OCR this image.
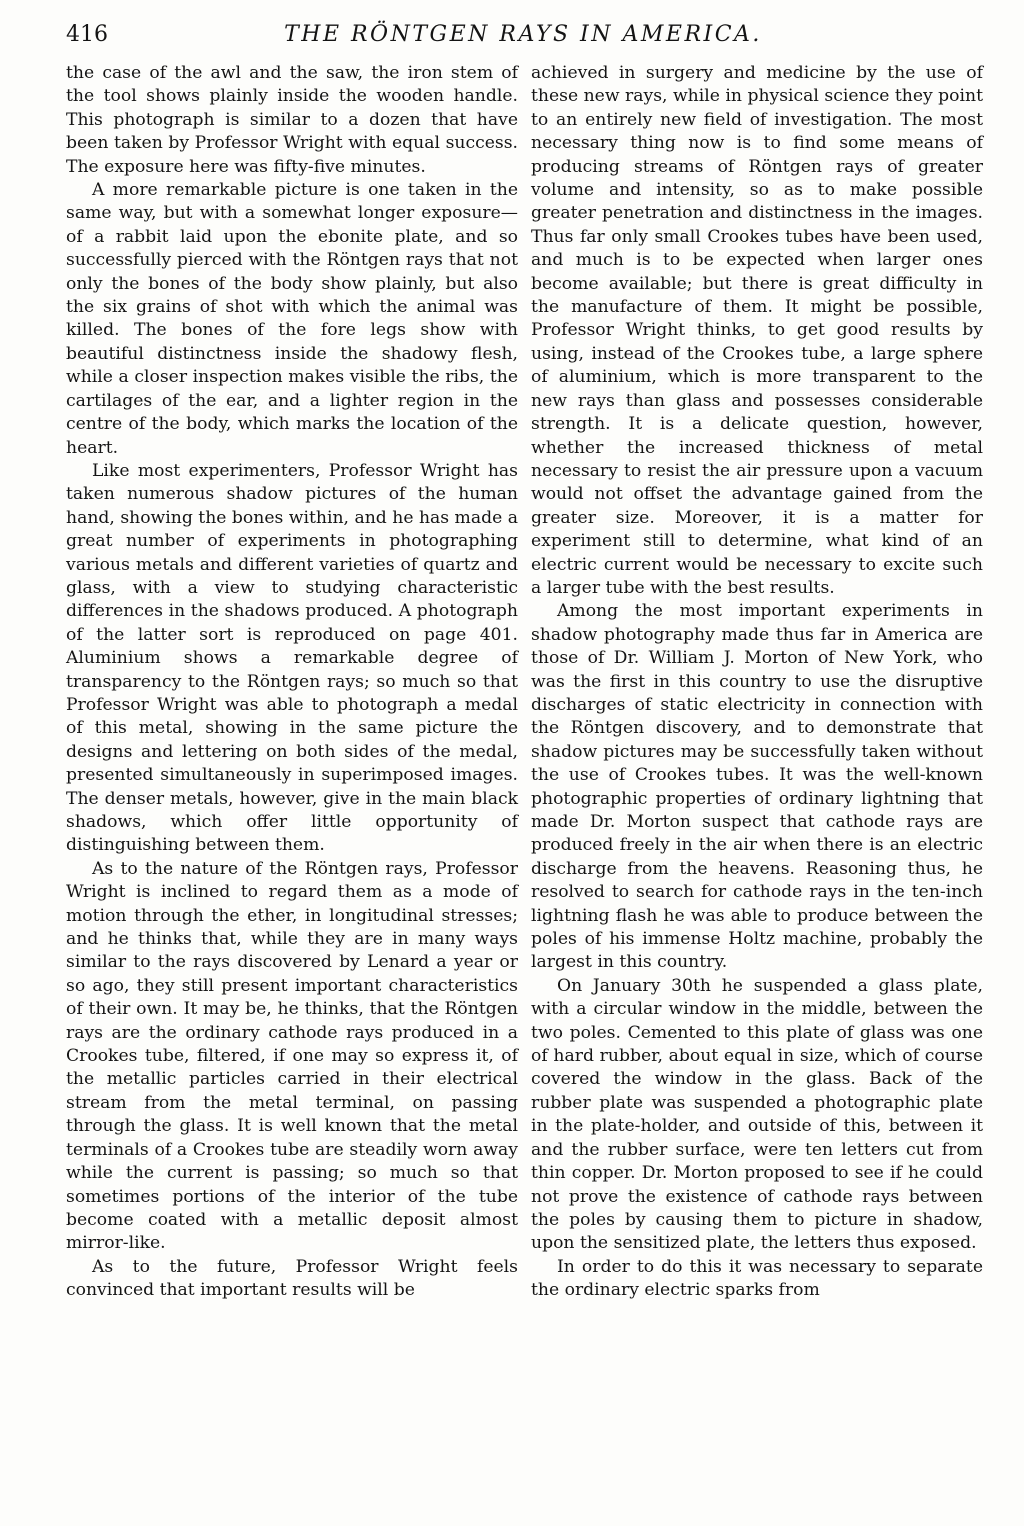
416	THE RÖNTGEN RAYS IN AMERICA.

the case of the awl and the saw, the iron stem of the tool shows plainly inside the wooden handle. This photograph is similar to a dozen that have been taken by Professor Wright with equal success. The exposure here was fifty-five minutes.

A more remarkable picture is one taken in the same way, but with a somewhat longer exposure—of a rabbit laid upon the ebonite plate, and so successfully pierced with the Röntgen rays that not only the bones of the body show plainly, but also the six grains of shot with which the animal was killed. The bones of the fore legs show with beautiful distinctness inside the shadowy flesh, while a closer inspection makes visible the ribs, the cartilages of the ear, and a lighter region in the centre of the body, which marks the location of the heart.

Like most experimenters, Professor Wright has taken numerous shadow pictures of the human hand, showing the bones within, and he has made a great number of experiments in photographing various metals and different varieties of quartz and glass, with a view to studying characteristic differences in the shadows produced. A photograph of the latter sort is reproduced on page 401. Aluminium shows a remarkable degree of transparency to the Röntgen rays; so much so that Professor Wright was able to photograph a medal of this metal, showing in the same picture the designs and lettering on both sides of the medal, presented simultaneously in superimposed images. The denser metals, however, give in the main black shadows, which offer little opportunity of distinguishing between them.

As to the nature of the Röntgen rays, Professor Wright is inclined to regard them as a mode of motion through the ether, in longitudinal stresses; and he thinks that, while they are in many ways similar to the rays discovered by Lenard a year or so ago, they still present important characteristics of their own. It may be, he thinks, that the Röntgen rays are the ordinary cathode rays produced in a Crookes tube, filtered, if one may so express it, of the metallic particles carried in their electrical stream from the metal terminal, on passing through the glass. It is well known that the metal terminals of a Crookes tube are steadily worn away while the current is passing; so much so that sometimes portions of the interior of the tube become coated with a metallic deposit almost mirror-like.

As to the future, Professor Wright feels convinced that important results will be

achieved in surgery and medicine by the use of these new rays, while in physical science they point to an entirely new field of investigation. The most necessary thing now is to find some means of producing streams of Röntgen rays of greater volume and intensity, so as to make possible greater penetration and distinctness in the images. Thus far only small Crookes tubes have been used, and much is to be expected when larger ones become available; but there is great difficulty in the manufacture of them. It might be possible, Professor Wright thinks, to get good results by using, instead of the Crookes tube, a large sphere of aluminium, which is more transparent to the new rays than glass and possesses considerable strength. It is a delicate question, however, whether the increased thickness of metal necessary to resist the air pressure upon a vacuum would not offset the advantage gained from the greater size. Moreover, it is a matter for experiment still to determine, what kind of an electric current would be necessary to excite such a larger tube with the best results.

Among the most important experiments in shadow photography made thus far in America are those of Dr. William J. Morton of New York, who was the first in this country to use the disruptive discharges of static electricity in connection with the Röntgen discovery, and to demonstrate that shadow pictures may be successfully taken without the use of Crookes tubes. It was the well-known photographic properties of ordinary lightning that made Dr. Morton suspect that cathode rays are produced freely in the air when there is an electric discharge from the heavens. Reasoning thus, he resolved to search for cathode rays in the ten-inch lightning flash he was able to produce between the poles of his immense Holtz machine, probably the largest in this country.

On January 30th he suspended a glass plate, with a circular window in the middle, between the two poles. Cemented to this plate of glass was one of hard rubber, about equal in size, which of course covered the window in the glass. Back of the rubber plate was suspended a photographic plate in the plate-holder, and outside of this, between it and the rubber surface, were ten letters cut from thin copper. Dr. Morton proposed to see if he could not prove the existence of cathode rays between the poles by causing them to picture in shadow, upon the sensitized plate, the letters thus exposed.

In order to do this it was necessary to separate the ordinary electric sparks from
